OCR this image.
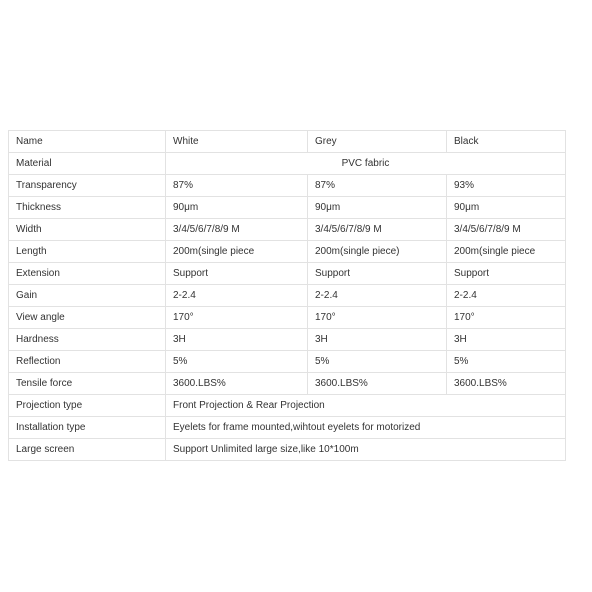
Name	White	Grey	Black
Material	PVC fabric		
Transparency	87%	87%	93%
Thickness	90μm	90μm	90μm
Width	3/4/5/6/7/8/9 M	3/4/5/6/7/8/9 M	3/4/5/6/7/8/9 M
Length	200m(single piece	200m(single piece)	200m(single piece
Extension	Support	Support	Support
Gain	2-2.4	2-2.4	2-2.4
View angle	170°	170°	170°
Hardness	3H	3H	3H
Reflection	5%	5%	5%
Tensile force	3600.LBS%	3600.LBS%	3600.LBS%
Projection type	Front Projection & Rear Projection		
Installation type	Eyelets for frame mounted,wihtout eyelets for motorized		
Large screen	Support Unlimited large size,like 10*100m		
